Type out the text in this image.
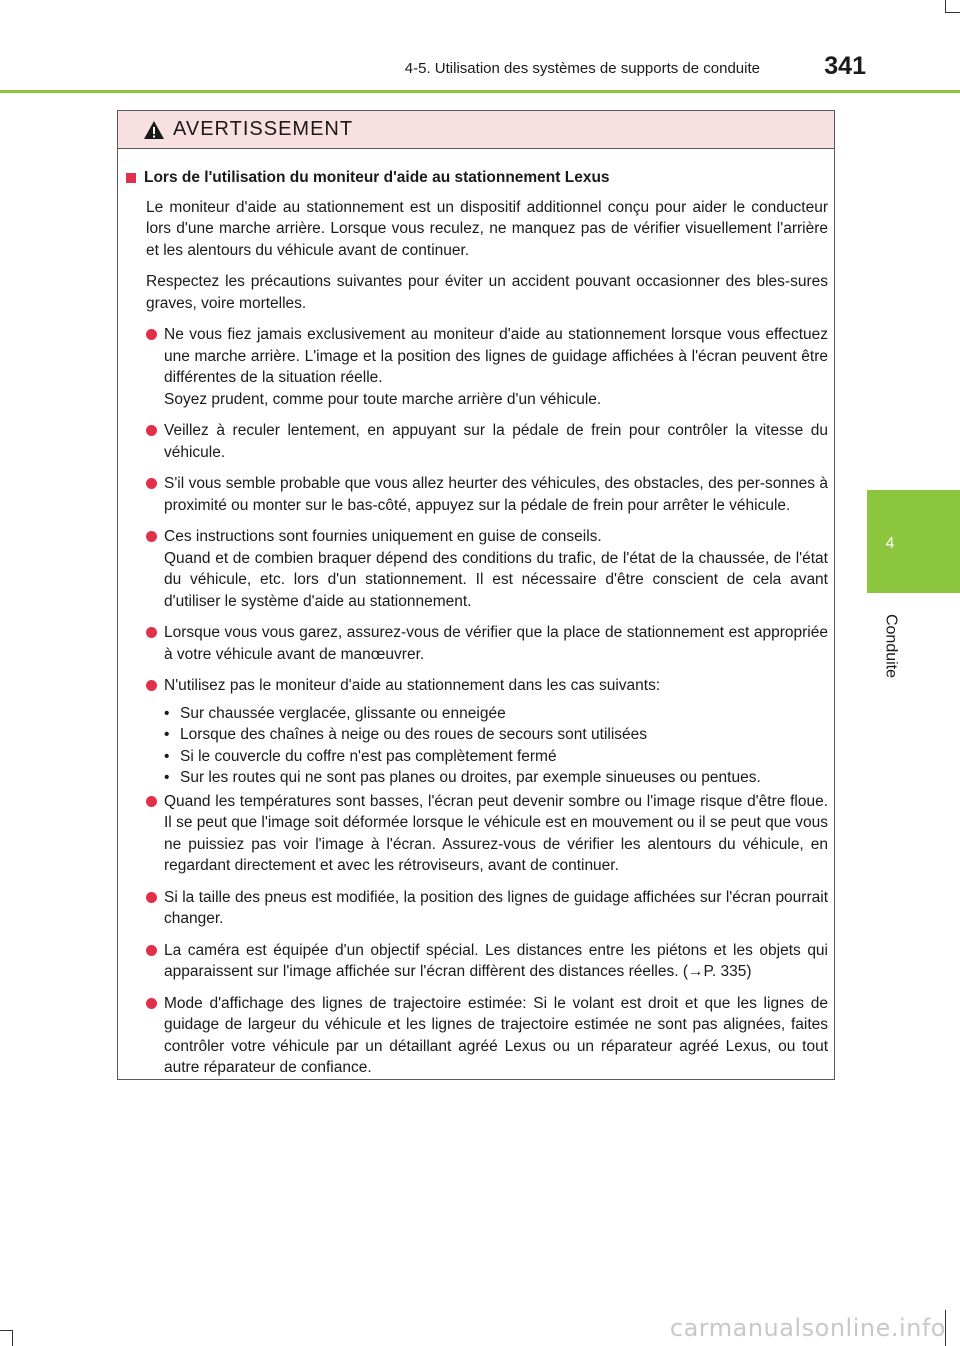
4-5. Utilisation des systèmes de supports de conduite	341
4
Conduite
AVERTISSEMENT
Lors de l'utilisation du moniteur d'aide au stationnement Lexus

Le moniteur d'aide au stationnement est un dispositif additionnel conçu pour aider le conducteur lors d'une marche arrière. Lorsque vous reculez, ne manquez pas de vérifier visuellement l'arrière et les alentours du véhicule avant de continuer.

Respectez les précautions suivantes pour éviter un accident pouvant occasionner des bles-sures graves, voire mortelles.

Ne vous fiez jamais exclusivement au moniteur d'aide au stationnement lorsque vous effectuez une marche arrière. L'image et la position des lignes de guidage affichées à l'écran peuvent être différentes de la situation réelle.
Soyez prudent, comme pour toute marche arrière d'un véhicule.
Veillez à reculer lentement, en appuyant sur la pédale de frein pour contrôler la vitesse du véhicule.
S'il vous semble probable que vous allez heurter des véhicules, des obstacles, des per-sonnes à proximité ou monter sur le bas-côté, appuyez sur la pédale de frein pour arrêter le véhicule.
Ces instructions sont fournies uniquement en guise de conseils.
Quand et de combien braquer dépend des conditions du trafic, de l'état de la chaussée, de l'état du véhicule, etc. lors d'un stationnement. Il est nécessaire d'être conscient de cela avant d'utiliser le système d'aide au stationnement.
Lorsque vous vous garez, assurez-vous de vérifier que la place de stationnement est appropriée à votre véhicule avant de manœuvrer.
N'utilisez pas le moniteur d'aide au stationnement dans les cas suivants:
• Sur chaussée verglacée, glissante ou enneigée
• Lorsque des chaînes à neige ou des roues de secours sont utilisées
• Si le couvercle du coffre n'est pas complètement fermé
• Sur les routes qui ne sont pas planes ou droites, par exemple sinueuses ou pentues.
Quand les températures sont basses, l'écran peut devenir sombre ou l'image risque d'être floue. Il se peut que l'image soit déformée lorsque le véhicule est en mouvement ou il se peut que vous ne puissiez pas voir l'image à l'écran. Assurez-vous de vérifier les alentours du véhicule, en regardant directement et avec les rétroviseurs, avant de continuer.
Si la taille des pneus est modifiée, la position des lignes de guidage affichées sur l'écran pourrait changer.
La caméra est équipée d'un objectif spécial. Les distances entre les piétons et les objets qui apparaissent sur l'image affichée sur l'écran diffèrent des distances réelles. (→P. 335)
Mode d'affichage des lignes de trajectoire estimée: Si le volant est droit et que les lignes de guidage de largeur du véhicule et les lignes de trajectoire estimée ne sont pas alignées, faites contrôler votre véhicule par un détaillant agréé Lexus ou un réparateur agréé Lexus, ou tout autre réparateur de confiance.
carmanualsonline.info
